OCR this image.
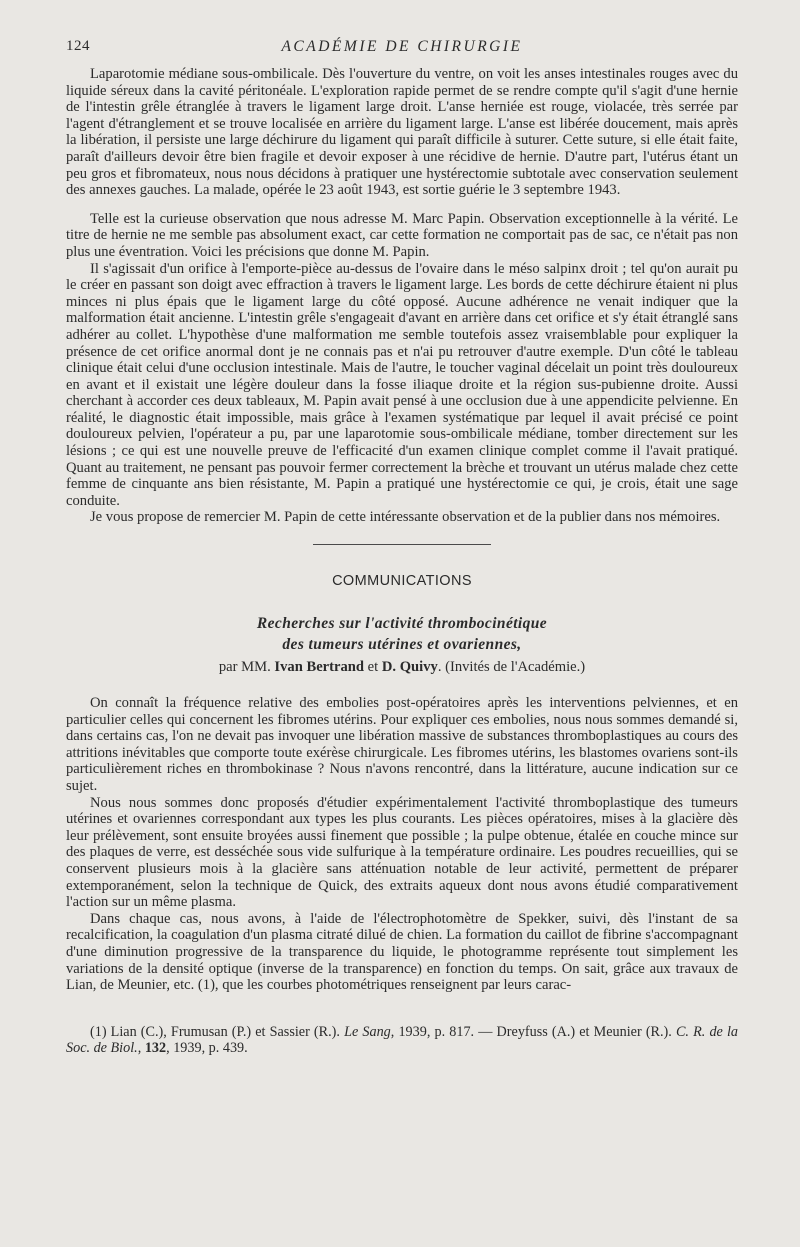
124	ACADÉMIE DE CHIRURGIE

Laparotomie médiane sous-ombilicale. Dès l'ouverture du ventre, on voit les anses intestinales rouges avec du liquide séreux dans la cavité péritonéale. L'exploration rapide permet de se rendre compte qu'il s'agit d'une hernie de l'intestin grêle étranglée à travers le ligament large droit. L'anse herniée est rouge, violacée, très serrée par l'agent d'étranglement et se trouve localisée en arrière du ligament large. L'anse est libérée doucement, mais après la libération, il persiste une large déchirure du ligament qui paraît difficile à suturer. Cette suture, si elle était faite, paraît d'ailleurs devoir être bien fragile et devoir exposer à une récidive de hernie. D'autre part, l'utérus étant un peu gros et fibromateux, nous nous décidons à pratiquer une hystérectomie subtotale avec conservation seulement des annexes gauches. La malade, opérée le 23 août 1943, est sortie guérie le 3 septembre 1943.

Telle est la curieuse observation que nous adresse M. Marc Papin. Observation exceptionnelle à la vérité. Le titre de hernie ne me semble pas absolument exact, car cette formation ne comportait pas de sac, ce n'était pas non plus une éventration. Voici les précisions que donne M. Papin.

Il s'agissait d'un orifice à l'emporte-pièce au-dessus de l'ovaire dans le méso salpinx droit ; tel qu'on aurait pu le créer en passant son doigt avec effraction à travers le ligament large. Les bords de cette déchirure étaient ni plus minces ni plus épais que le ligament large du côté opposé. Aucune adhérence ne venait indiquer que la malformation était ancienne. L'intestin grêle s'engageait d'avant en arrière dans cet orifice et s'y était étranglé sans adhérer au collet. L'hypothèse d'une malformation me semble toutefois assez vraisemblable pour expliquer la présence de cet orifice anormal dont je ne connais pas et n'ai pu retrouver d'autre exemple. D'un côté le tableau clinique était celui d'une occlusion intestinale. Mais de l'autre, le toucher vaginal décelait un point très douloureux en avant et il existait une légère douleur dans la fosse iliaque droite et la région sus-pubienne droite. Aussi cherchant à accorder ces deux tableaux, M. Papin avait pensé à une occlusion due à une appendicite pelvienne. En réalité, le diagnostic était impossible, mais grâce à l'examen systématique par lequel il avait précisé ce point douloureux pelvien, l'opérateur a pu, par une laparotomie sous-ombilicale médiane, tomber directement sur les lésions ; ce qui est une nouvelle preuve de l'efficacité d'un examen clinique complet comme il l'avait pratiqué. Quant au traitement, ne pensant pas pouvoir fermer correctement la brèche et trouvant un utérus malade chez cette femme de cinquante ans bien résistante, M. Papin a pratiqué une hystérectomie ce qui, je crois, était une sage conduite.

Je vous propose de remercier M. Papin de cette intéressante observation et de la publier dans nos mémoires.

COMMUNICATIONS
Recherches sur l'activité thrombocinétique
des tumeurs utérines et ovariennes,
par MM. Ivan Bertrand et D. Quivy. (Invités de l'Académie.)

On connaît la fréquence relative des embolies post-opératoires après les interventions pelviennes, et en particulier celles qui concernent les fibromes utérins. Pour expliquer ces embolies, nous nous sommes demandé si, dans certains cas, l'on ne devait pas invoquer une libération massive de substances thromboplastiques au cours des attritions inévitables que comporte toute exérèse chirurgicale. Les fibromes utérins, les blastomes ovariens sont-ils particulièrement riches en thrombokinase ? Nous n'avons rencontré, dans la littérature, aucune indication sur ce sujet.

Nous nous sommes donc proposés d'étudier expérimentalement l'activité thromboplastique des tumeurs utérines et ovariennes correspondant aux types les plus courants. Les pièces opératoires, mises à la glacière dès leur prélèvement, sont ensuite broyées aussi finement que possible ; la pulpe obtenue, étalée en couche mince sur des plaques de verre, est desséchée sous vide sulfurique à la température ordinaire. Les poudres recueillies, qui se conservent plusieurs mois à la glacière sans atténuation notable de leur activité, permettent de préparer extemporanément, selon la technique de Quick, des extraits aqueux dont nous avons étudié comparativement l'action sur un même plasma.

Dans chaque cas, nous avons, à l'aide de l'électrophotomètre de Spekker, suivi, dès l'instant de sa recalcification, la coagulation d'un plasma citraté dilué de chien. La formation du caillot de fibrine s'accompagnant d'une diminution progressive de la transparence du liquide, le photogramme représente tout simplement les variations de la densité optique (inverse de la transparence) en fonction du temps. On sait, grâce aux travaux de Lian, de Meunier, etc. (1), que les courbes photométriques renseignent par leurs carac-

(1) Lian (C.), Frumusan (P.) et Sassier (R.). Le Sang, 1939, p. 817. — Dreyfuss (A.) et Meunier (R.). C. R. de la Soc. de Biol., 132, 1939, p. 439.
